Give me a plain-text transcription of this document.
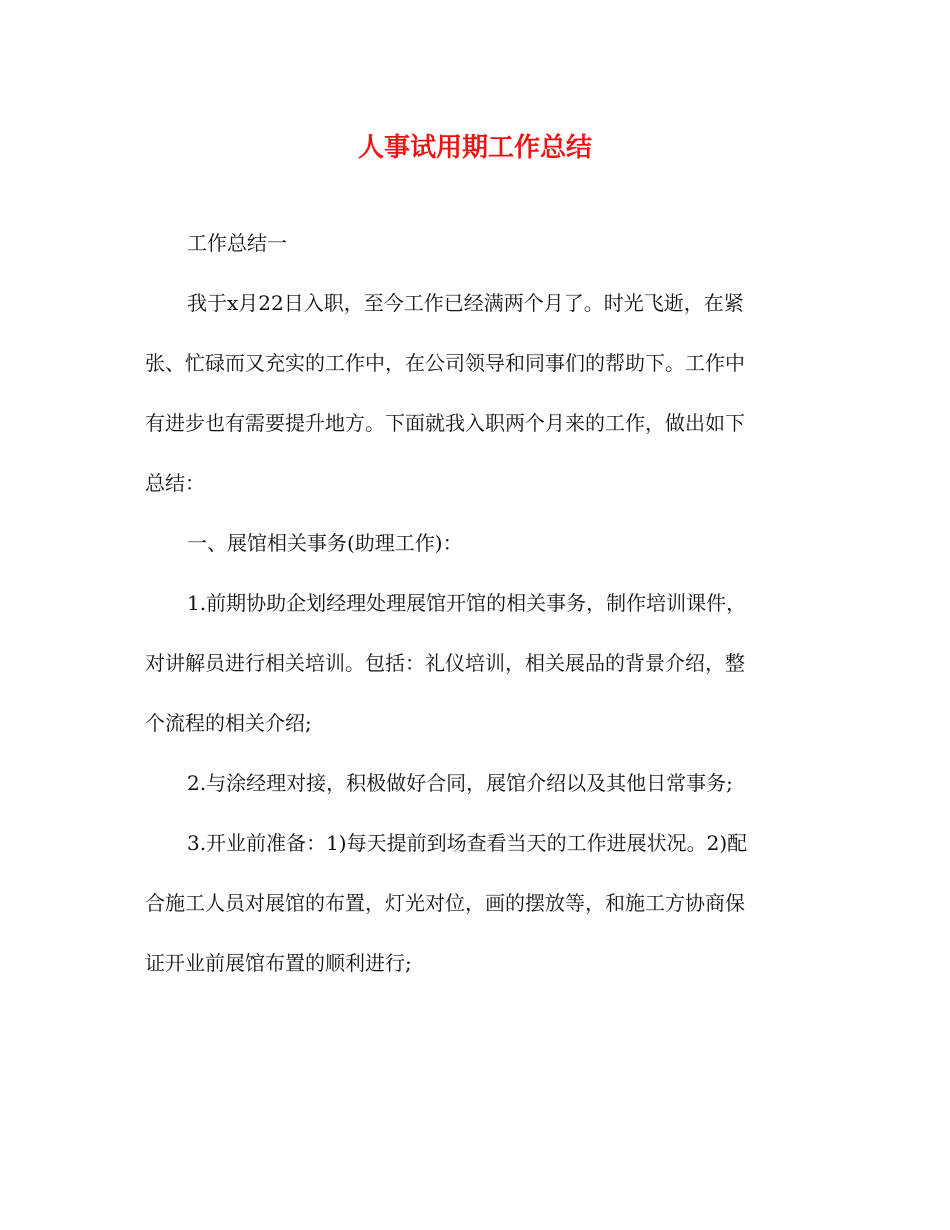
人事试用期工作总结
工作总结一
我于x月22日入职，至今工作已经满两个月了。时光飞逝，在紧
张、忙碌而又充实的工作中，在公司领导和同事们的帮助下。工作中
有进步也有需要提升地方。下面就我入职两个月来的工作，做出如下
总结：
一、展馆相关事务(助理工作)：
1.前期协助企划经理处理展馆开馆的相关事务，制作培训课件，
对讲解员进行相关培训。包括：礼仪培训，相关展品的背景介绍，整
个流程的相关介绍;
2.与涂经理对接，积极做好合同，展馆介绍以及其他日常事务;
3.开业前准备：1)每天提前到场查看当天的工作进展状况。2)配
合施工人员对展馆的布置，灯光对位，画的摆放等，和施工方协商保
证开业前展馆布置的顺利进行;
